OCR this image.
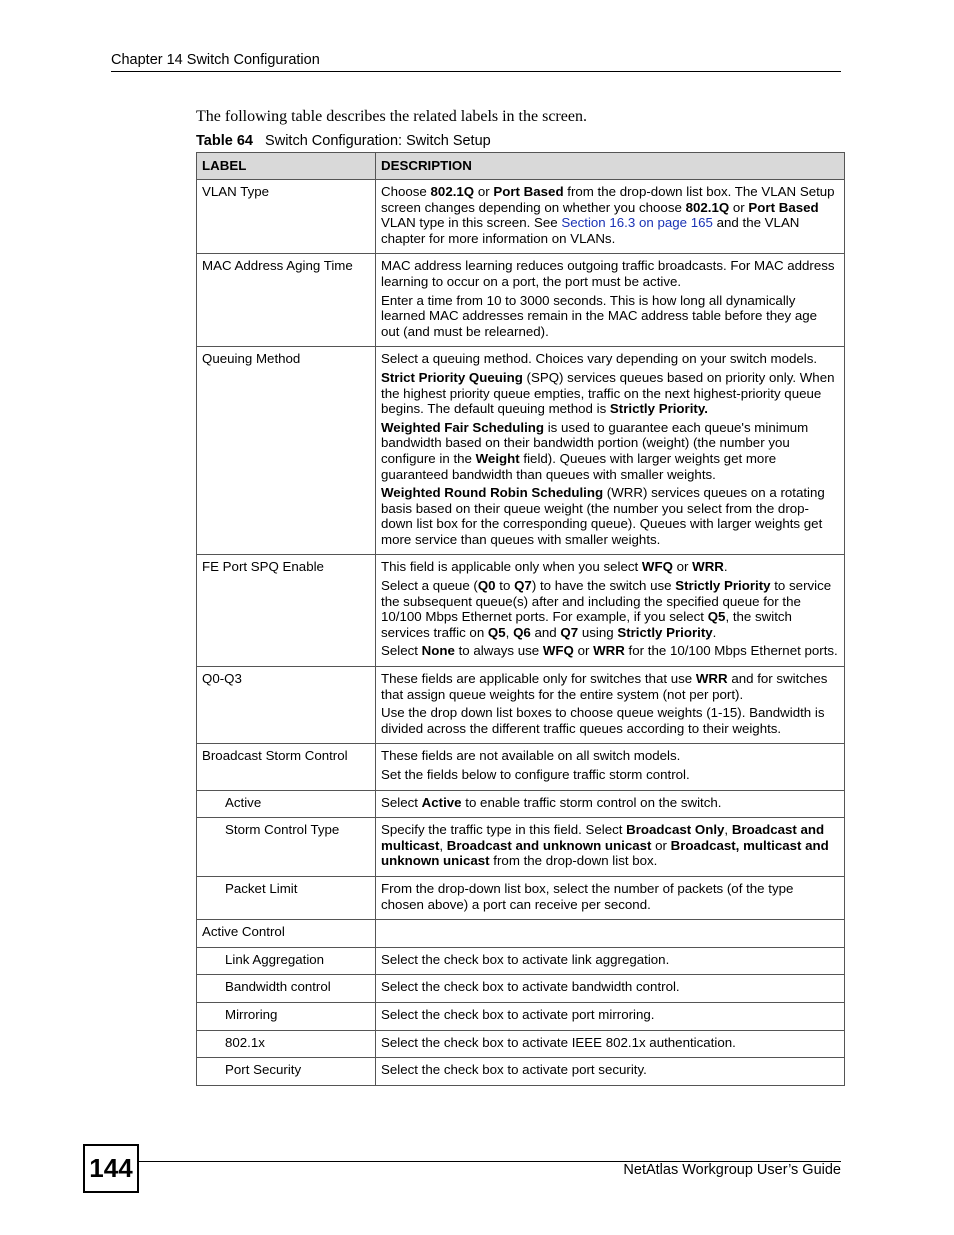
Chapter 14 Switch Configuration
The following table describes the related labels in the screen.
Table 64 Switch Configuration: Switch Setup
LABEL	DESCRIPTION
VLAN Type	Choose 802.1Q or Port Based from the drop-down list box. The VLAN Setup screen changes depending on whether you choose 802.1Q or Port Based VLAN type in this screen. See Section 16.3 on page 165 and the VLAN chapter for more information on VLANs.

MAC Address Aging Time	MAC address learning reduces outgoing traffic broadcasts. For MAC address learning to occur on a port, the port must be active.

Enter a time from 10 to 3000 seconds. This is how long all dynamically learned MAC addresses remain in the MAC address table before they age out (and must be relearned).

Queuing Method	Select a queuing method. Choices vary depending on your switch models.

Strict Priority Queuing (SPQ) services queues based on priority only. When the highest priority queue empties, traffic on the next highest-priority queue begins. The default queuing method is Strictly Priority.

Weighted Fair Scheduling is used to guarantee each queue's minimum bandwidth based on their bandwidth portion (weight) (the number you configure in the Weight field). Queues with larger weights get more guaranteed bandwidth than queues with smaller weights.

Weighted Round Robin Scheduling (WRR) services queues on a rotating basis based on their queue weight (the number you select from the drop-down list box for the corresponding queue). Queues with larger weights get more service than queues with smaller weights.

FE Port SPQ Enable	This field is applicable only when you select WFQ or WRR.

Select a queue (Q0 to Q7) to have the switch use Strictly Priority to service the subsequent queue(s) after and including the specified queue for the 10/100 Mbps Ethernet ports. For example, if you select Q5, the switch services traffic on Q5, Q6 and Q7 using Strictly Priority.

Select None to always use WFQ or WRR for the 10/100 Mbps Ethernet ports.

Q0-Q3	These fields are applicable only for switches that use WRR and for switches that assign queue weights for the entire system (not per port).

Use the drop down list boxes to choose queue weights (1-15). Bandwidth is divided across the different traffic queues according to their weights.

Broadcast Storm Control	These fields are not available on all switch models.

Set the fields below to configure traffic storm control.

Active	Select Active to enable traffic storm control on the switch.

Storm Control Type	Specify the traffic type in this field. Select Broadcast Only, Broadcast and multicast, Broadcast and unknown unicast or Broadcast, multicast and unknown unicast from the drop-down list box.

Packet Limit	From the drop-down list box, select the number of packets (of the type chosen above) a port can receive per second.

Active Control	

Link Aggregation	Select the check box to activate link aggregation.

Bandwidth control	Select the check box to activate bandwidth control.

Mirroring	Select the check box to activate port mirroring.

802.1x	Select the check box to activate IEEE 802.1x authentication.

Port Security	Select the check box to activate port security.

144	NetAtlas Workgroup User’s Guide
